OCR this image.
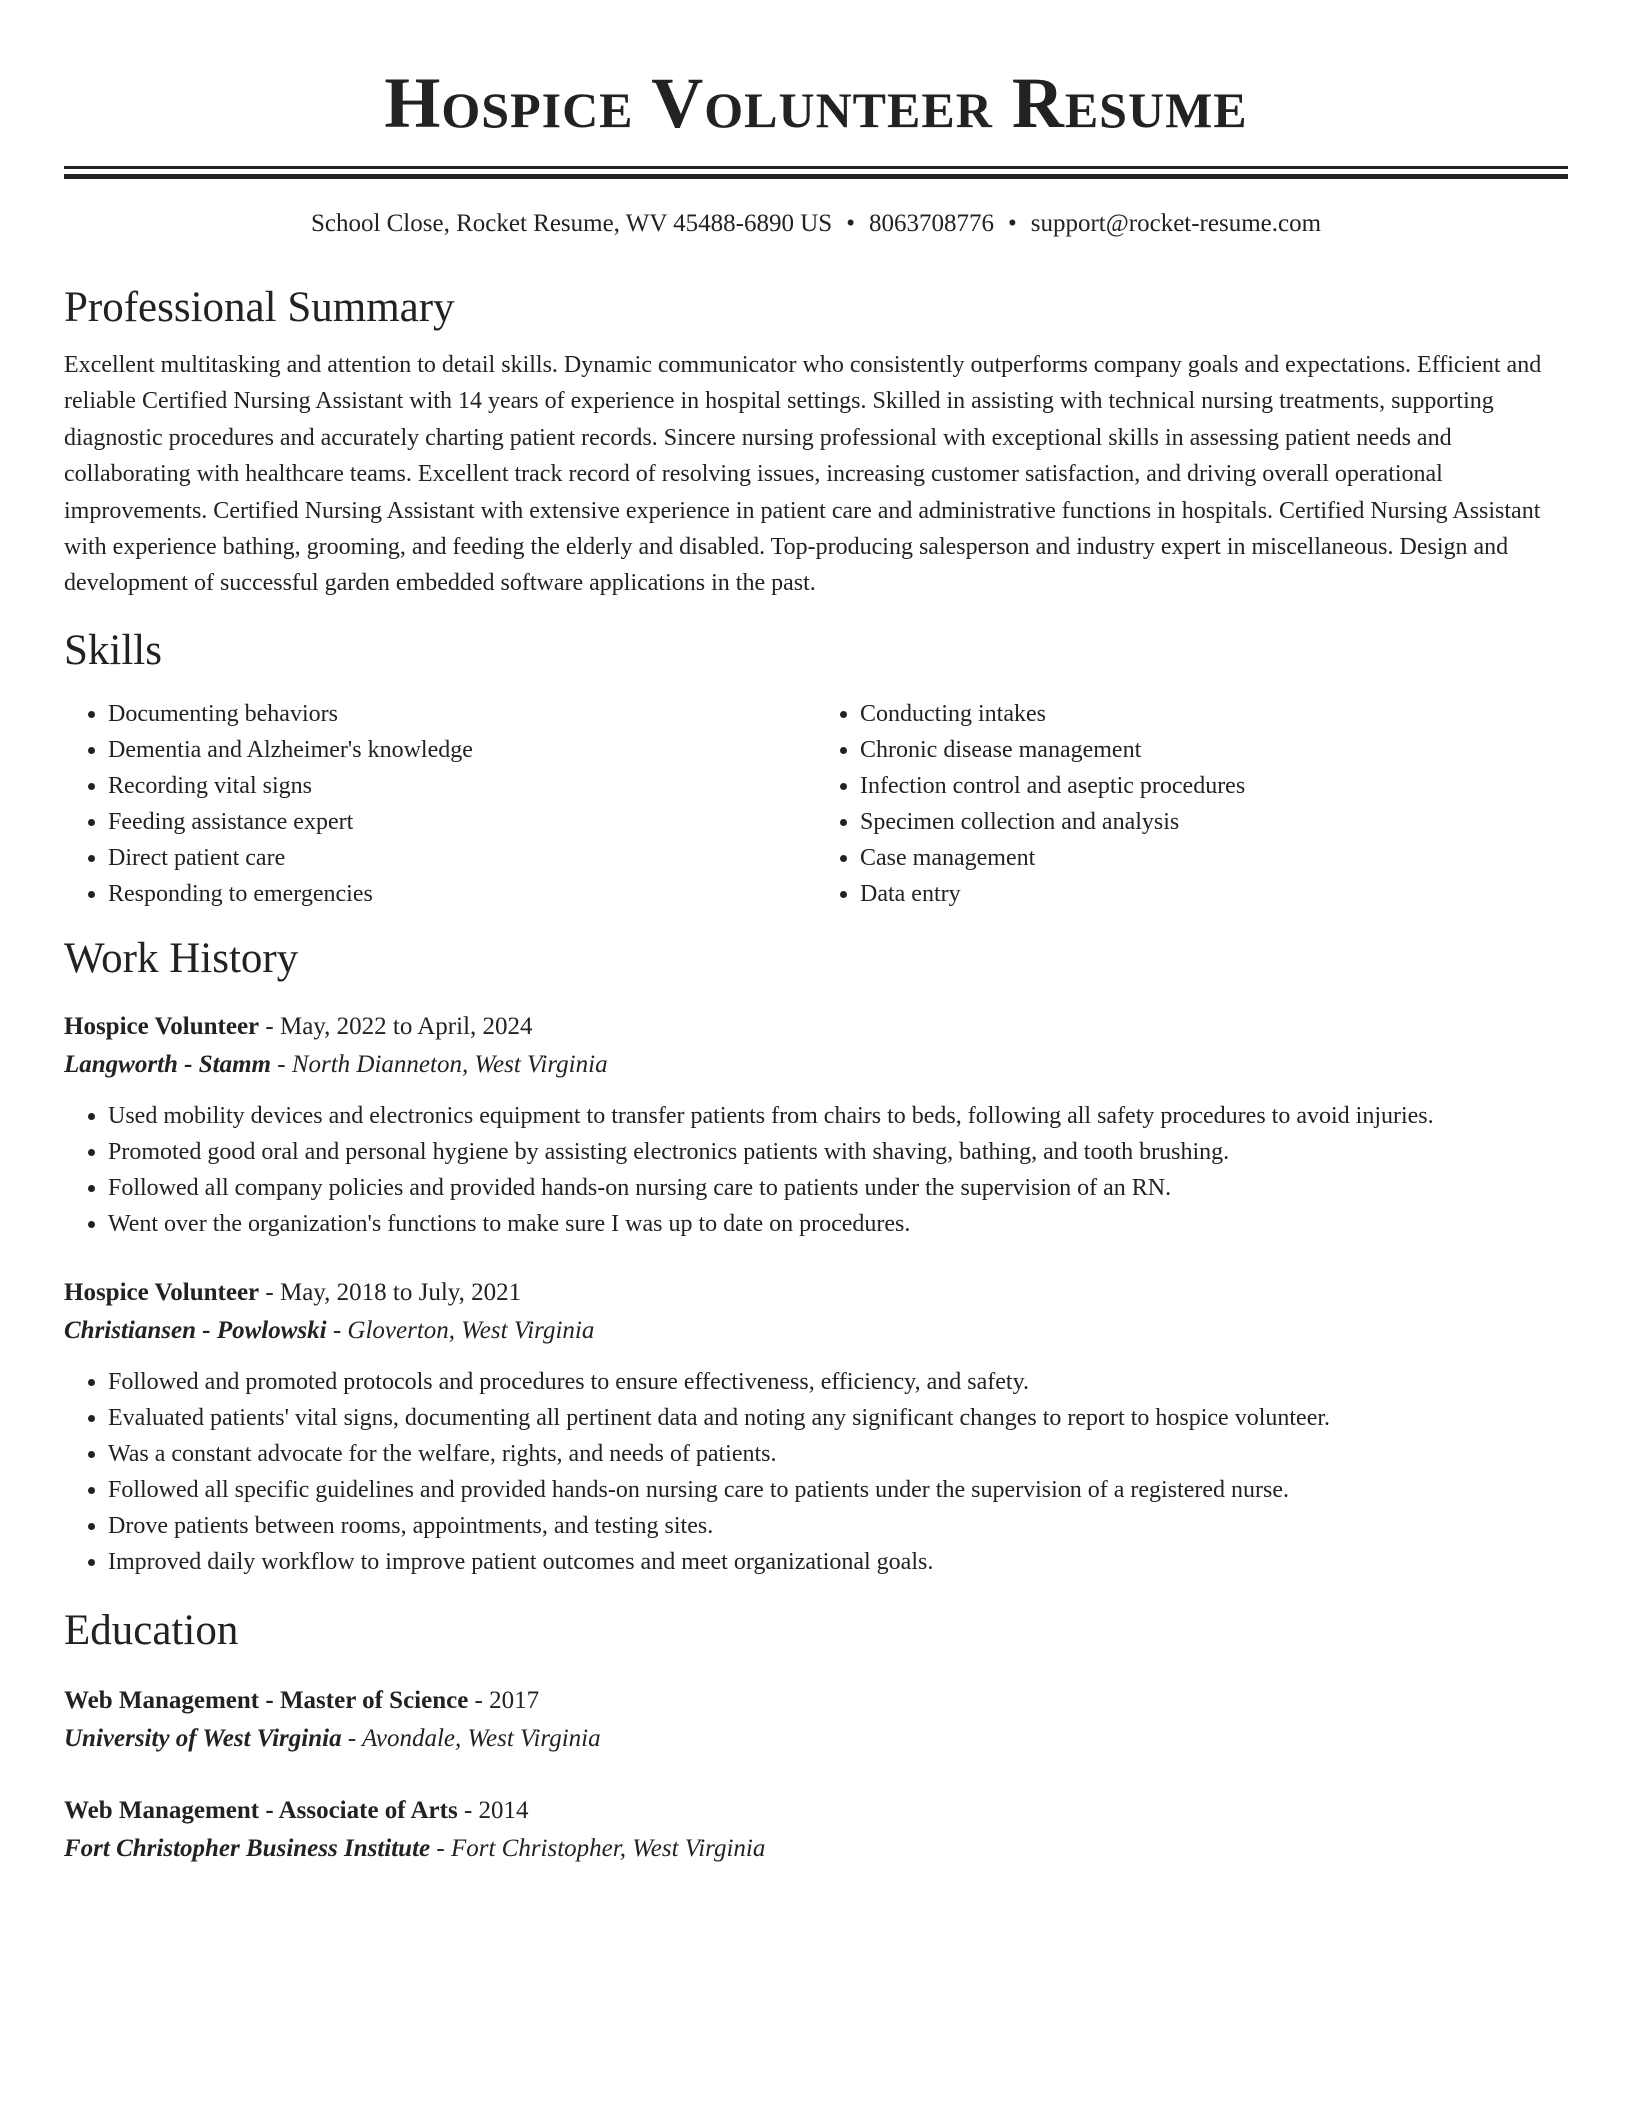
Hospice Volunteer Resume
School Close, Rocket Resume, WV 45488-6890 US • 8063708776 • support@rocket-resume.com
Professional Summary

Excellent multitasking and attention to detail skills. Dynamic communicator who consistently outperforms company goals and expectations. Efficient and reliable Certified Nursing Assistant with 14 years of experience in hospital settings. Skilled in assisting with technical nursing treatments, supporting diagnostic procedures and accurately charting patient records. Sincere nursing professional with exceptional skills in assessing patient needs and collaborating with healthcare teams. Excellent track record of resolving issues, increasing customer satisfaction, and driving overall operational improvements. Certified Nursing Assistant with extensive experience in patient care and administrative functions in hospitals. Certified Nursing Assistant with experience bathing, grooming, and feeding the elderly and disabled. Top-producing salesperson and industry expert in miscellaneous. Design and development of successful garden embedded software applications in the past.

Skills
• Documenting behaviors
• Dementia and Alzheimer's knowledge
• Recording vital signs
• Feeding assistance expert
• Direct patient care
• Responding to emergencies
• Conducting intakes
• Chronic disease management
• Infection control and aseptic procedures
• Specimen collection and analysis
• Case management
• Data entry
Work History
Hospice Volunteer - May, 2022 to April, 2024
Langworth - Stamm - North Dianneton, West Virginia
• Used mobility devices and electronics equipment to transfer patients from chairs to beds, following all safety procedures to avoid injuries.
• Promoted good oral and personal hygiene by assisting electronics patients with shaving, bathing, and tooth brushing.
• Followed all company policies and provided hands-on nursing care to patients under the supervision of an RN.
• Went over the organization's functions to make sure I was up to date on procedures.
Hospice Volunteer - May, 2018 to July, 2021
Christiansen - Powlowski - Gloverton, West Virginia
• Followed and promoted protocols and procedures to ensure effectiveness, efficiency, and safety.
• Evaluated patients' vital signs, documenting all pertinent data and noting any significant changes to report to hospice volunteer.
• Was a constant advocate for the welfare, rights, and needs of patients.
• Followed all specific guidelines and provided hands-on nursing care to patients under the supervision of a registered nurse.
• Drove patients between rooms, appointments, and testing sites.
• Improved daily workflow to improve patient outcomes and meet organizational goals.
Education
Web Management - Master of Science - 2017
University of West Virginia - Avondale, West Virginia
Web Management - Associate of Arts - 2014
Fort Christopher Business Institute - Fort Christopher, West Virginia
